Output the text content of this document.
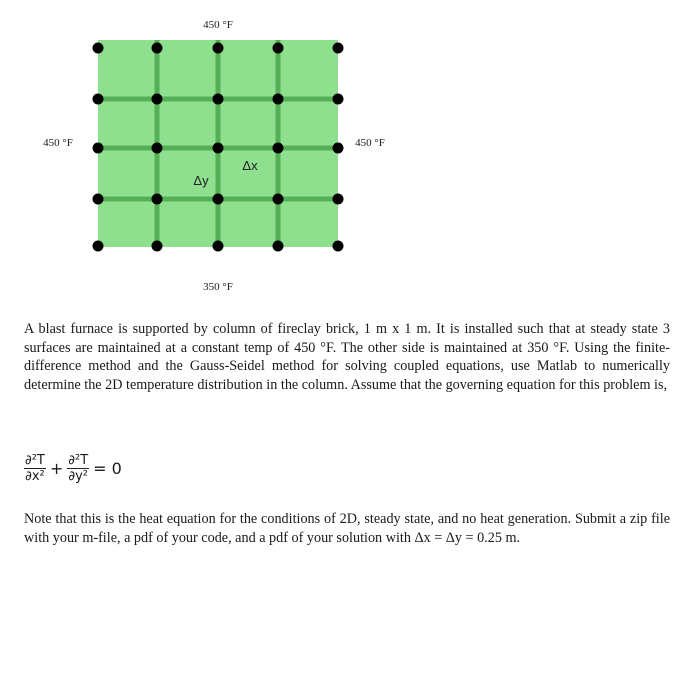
450 °F
450 °F	450 °F
350 °F
Δx
Δy

A blast furnace is supported by column of fireclay brick, 1 m x 1 m. It is installed such that at steady state 3 surfaces are maintained at a constant temp of 450 °F. The other side is maintained at 350 °F. Using the finite-difference method and the Gauss-Seidel method for solving coupled equations, use Matlab to numerically determine the 2D temperature distribution in the column. Assume that the governing equation for this problem is,

$\frac{\text{∂²T}}{\text{∂x²}} + \frac{\text{∂²T}}{\text{∂y²}} = 0$

Note that this is the heat equation for the conditions of 2D, steady state, and no heat generation. Submit a zip file with your m-file, a pdf of your code, and a pdf of your solution with Δx = Δy = 0.25 m.
